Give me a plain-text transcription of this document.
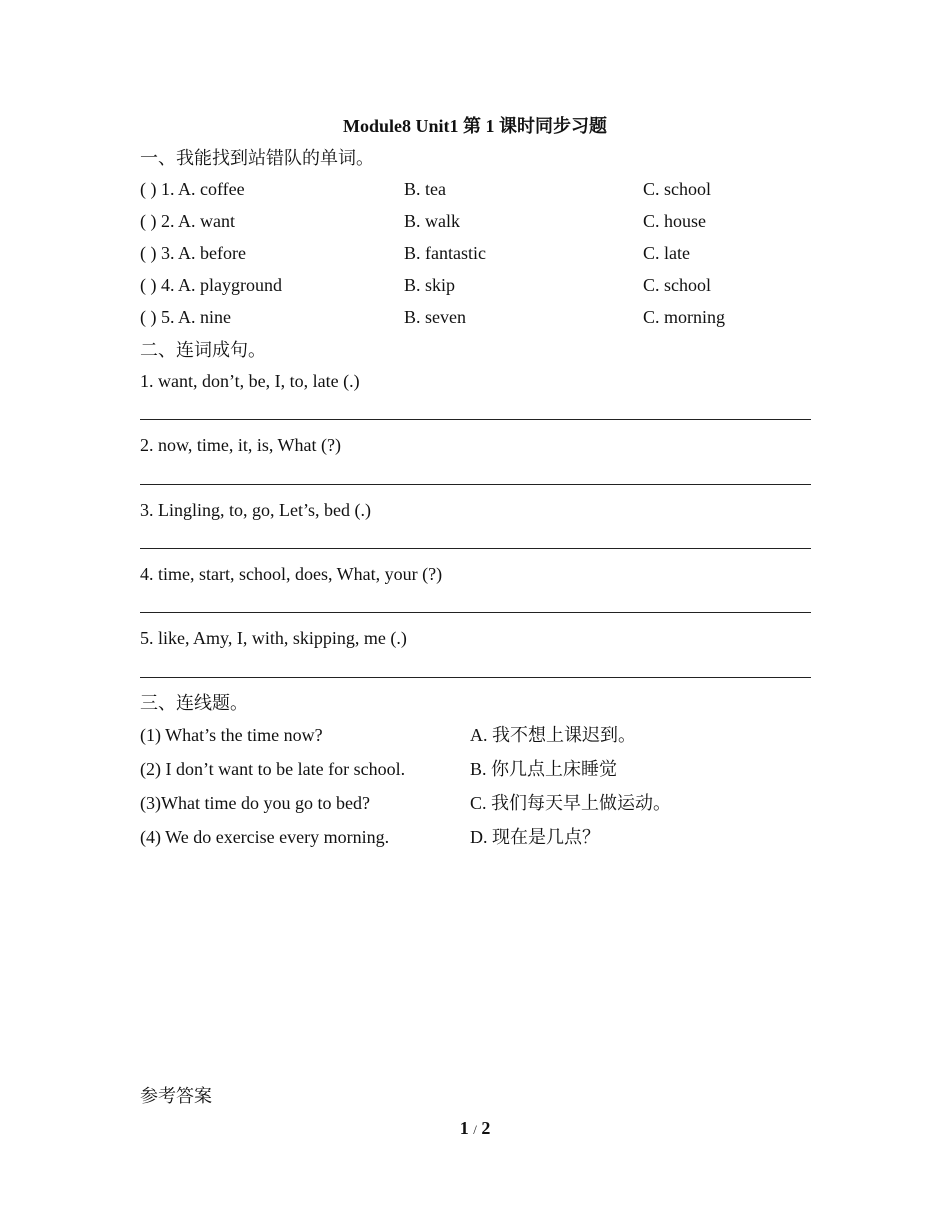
Module8 Unit1 第 1 课时同步习题
一、我能找到站错队的单词。
( ) 1. A. coffee	B. tea	C. school
( ) 2. A. want	B. walk	C. house
( ) 3. A. before	B. fantastic	C. late
( ) 4. A. playground	B. skip	C. school
( ) 5. A. nine	B. seven	C. morning
二、连词成句。
1. want, don’t, be, I, to, late (.)
2. now, time, it, is, What (?)
3. Lingling, to, go, Let’s, bed (.)
4. time, start, school, does, What, your (?)
5. like, Amy, I, with, skipping, me (.)
三、连线题。
(1) What’s the time now?	A. 我不想上课迟到。
(2) I don’t want to be late for school.	B. 你几点上床睡觉
(3)What time do you go to bed?	C. 我们每天早上做运动。
(4) We do exercise every morning.	D. 现在是几点？
参考答案
1 / 2
